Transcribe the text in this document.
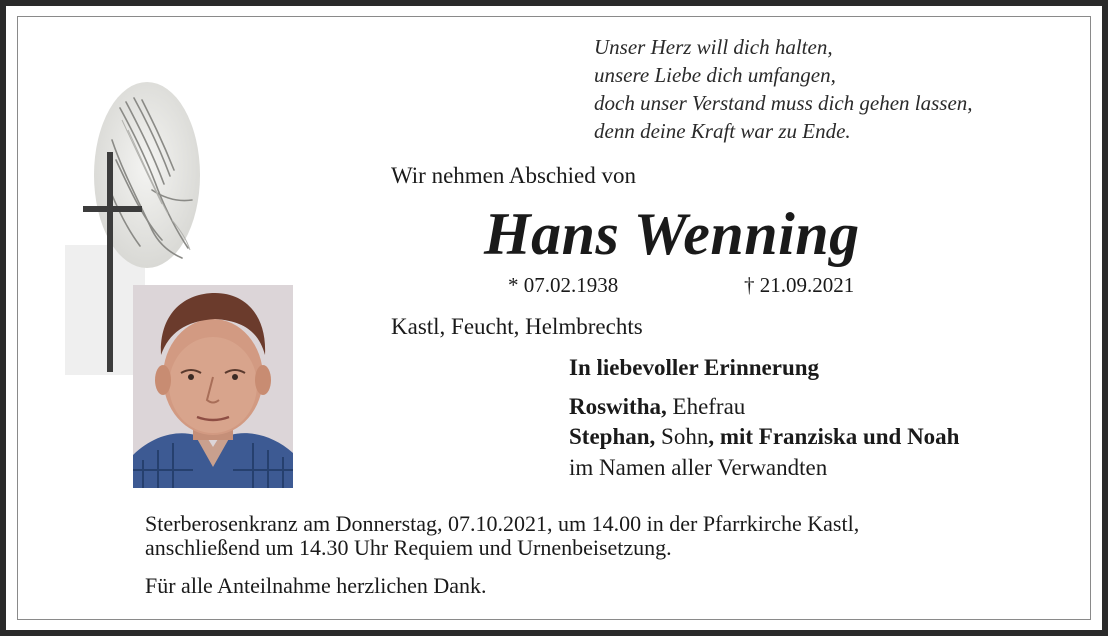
Unser Herz will dich halten,
unsere Liebe dich umfangen,
doch unser Verstand muss dich gehen lassen,
denn deine Kraft war zu Ende.
Wir nehmen Abschied von
Hans Wenning
* 07.02.1938	† 21.09.2021
Kastl, Feucht, Helmbrechts
In liebevoller Erinnerung
Roswitha, Ehefrau
Stephan, Sohn, mit Franziska und Noah
im Namen aller Verwandten
Sterberosenkranz am Donnerstag, 07.10.2021, um 14.00 in der Pfarrkirche Kastl,
anschließend um 14.30 Uhr Requiem und Urnenbeisetzung.
Für alle Anteilnahme herzlichen Dank.
